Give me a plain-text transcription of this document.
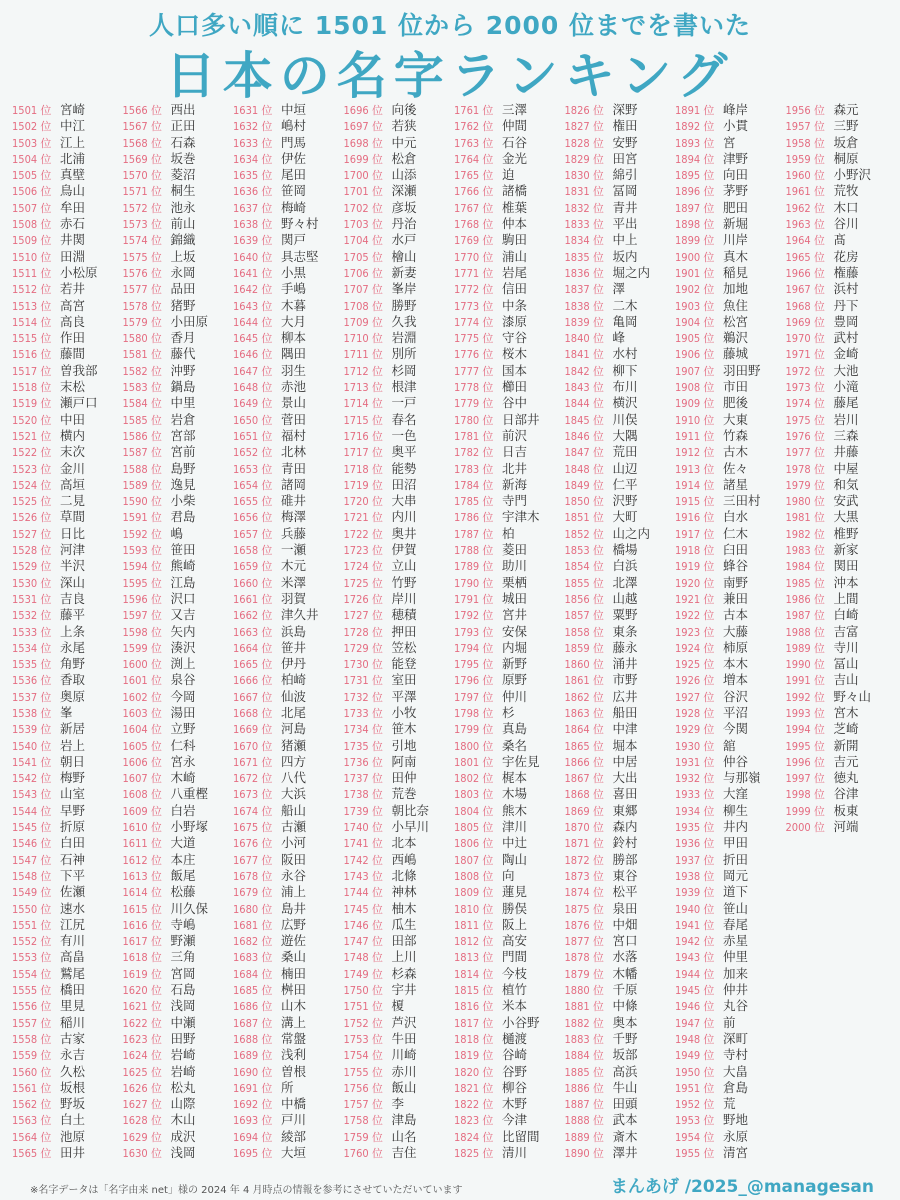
人口多い順に 1501 位から 2000 位までを書いた
日本の名字ランキング
1501 位 宮崎
1502 位 中江
1503 位 江上
1504 位 北浦
1505 位 真壁
1506 位 鳥山
1507 位 牟田
1508 位 赤石
1509 位 井関
1510 位 田淵
1511 位 小松原
1512 位 若井
1513 位 高宮
1514 位 高良
1515 位 作田
1516 位 藤間
1517 位 曽我部
1518 位 末松
1519 位 瀬戸口
1520 位 中田
1521 位 横内
1522 位 末次
1523 位 金川
1524 位 高垣
1525 位 二見
1526 位 草間
1527 位 日比
1528 位 河津
1529 位 半沢
1530 位 深山
1531 位 吉良
1532 位 藤平
1533 位 上条
1534 位 永尾
1535 位 角野
1536 位 香取
1537 位 奥原
1538 位 峯
1539 位 新居
1540 位 岩上
1541 位 朝日
1542 位 梅野
1543 位 山室
1544 位 早野
1545 位 折原
1546 位 白田
1547 位 石神
1548 位 下平
1549 位 佐瀬
1550 位 速水
1551 位 江尻
1552 位 有川
1553 位 高畠
1554 位 鷲尾
1555 位 橋田
1556 位 里見
1557 位 稲川
1558 位 古家
1559 位 永吉
1560 位 久松
1561 位 坂根
1562 位 野坂
1563 位 白土
1564 位 池原
1565 位 田井
1566 位 西出
1567 位 正田
1568 位 石森
1569 位 坂巻
1570 位 菱沼
1571 位 桐生
1572 位 池永
1573 位 前山
1574 位 錦織
1575 位 上坂
1576 位 永岡
1577 位 品田
1578 位 猪野
1579 位 小田原
1580 位 香月
1581 位 藤代
1582 位 沖野
1583 位 鍋島
1584 位 中里
1585 位 岩倉
1586 位 宮部
1587 位 宮前
1588 位 島野
1589 位 逸見
1590 位 小柴
1591 位 君島
1592 位 嶋
1593 位 笹田
1594 位 熊崎
1595 位 江島
1596 位 沢口
1597 位 又吉
1598 位 矢内
1599 位 湊沢
1600 位 渕上
1601 位 泉谷
1602 位 今岡
1603 位 湯田
1604 位 立野
1605 位 仁科
1606 位 宮永
1607 位 木崎
1608 位 八重樫
1609 位 白岩
1610 位 小野塚
1611 位 大道
1612 位 本庄
1613 位 飯尾
1614 位 松藤
1615 位 川久保
1616 位 寺嶋
1617 位 野瀬
1618 位 三角
1619 位 宮岡
1620 位 石島
1621 位 浅岡
1622 位 中瀬
1623 位 田野
1624 位 岩崎
1625 位 岩崎
1626 位 松丸
1627 位 山際
1628 位 木山
1629 位 成沢
1630 位 浅岡
1631 位 中垣
1632 位 嶋村
1633 位 門馬
1634 位 伊佐
1635 位 尾田
1636 位 笹岡
1637 位 梅崎
1638 位 野々村
1639 位 関戸
1640 位 具志堅
1641 位 小黒
1642 位 手嶋
1643 位 木暮
1644 位 大月
1645 位 柳本
1646 位 隅田
1647 位 羽生
1648 位 赤池
1649 位 景山
1650 位 菅田
1651 位 福村
1652 位 北林
1653 位 青田
1654 位 諸岡
1655 位 碓井
1656 位 梅澤
1657 位 兵藤
1658 位 一瀬
1659 位 木元
1660 位 米澤
1661 位 羽賀
1662 位 津久井
1663 位 浜島
1664 位 笹井
1665 位 伊丹
1666 位 柏崎
1667 位 仙波
1668 位 北尾
1669 位 河島
1670 位 猪瀬
1671 位 四方
1672 位 八代
1673 位 大浜
1674 位 船山
1675 位 古瀬
1676 位 小河
1677 位 阪田
1678 位 永谷
1679 位 浦上
1680 位 島井
1681 位 広野
1682 位 遊佐
1683 位 桑山
1684 位 楠田
1685 位 桝田
1686 位 山木
1687 位 溝上
1688 位 常盤
1689 位 浅利
1690 位 曽根
1691 位 所
1692 位 中橋
1693 位 戸川
1694 位 綾部
1695 位 大垣
1696 位 向後
1697 位 若狭
1698 位 中元
1699 位 松倉
1700 位 山添
1701 位 深瀬
1702 位 彦坂
1703 位 丹治
1704 位 水戸
1705 位 檜山
1706 位 新妻
1707 位 峯岸
1708 位 勝野
1709 位 久我
1710 位 岩淵
1711 位 別所
1712 位 杉岡
1713 位 根津
1714 位 一戸
1715 位 春名
1716 位 一色
1717 位 奥平
1718 位 能勢
1719 位 田沼
1720 位 大串
1721 位 内川
1722 位 奥井
1723 位 伊賀
1724 位 立山
1725 位 竹野
1726 位 岸川
1727 位 穂積
1728 位 押田
1729 位 笠松
1730 位 能登
1731 位 室田
1732 位 平澤
1733 位 小牧
1734 位 笹木
1735 位 引地
1736 位 阿南
1737 位 田仲
1738 位 荒巻
1739 位 朝比奈
1740 位 小早川
1741 位 北本
1742 位 西嶋
1743 位 北條
1744 位 神林
1745 位 柚木
1746 位 瓜生
1747 位 田部
1748 位 上川
1749 位 杉森
1750 位 宇井
1751 位 榎
1752 位 芦沢
1753 位 牛田
1754 位 川崎
1755 位 赤川
1756 位 飯山
1757 位 李
1758 位 津島
1759 位 山名
1760 位 吉住
1761 位 三澤
1762 位 仲間
1763 位 石谷
1764 位 金光
1765 位 迫
1766 位 諸橋
1767 位 椎葉
1768 位 仲本
1769 位 駒田
1770 位 浦山
1771 位 岩尾
1772 位 信田
1773 位 中条
1774 位 漆原
1775 位 守谷
1776 位 桜木
1777 位 国本
1778 位 櫛田
1779 位 谷中
1780 位 日部井
1781 位 前沢
1782 位 日吉
1783 位 北井
1784 位 新海
1785 位 寺門
1786 位 宇津木
1787 位 柏
1788 位 菱田
1789 位 助川
1790 位 栗栖
1791 位 城田
1792 位 宮井
1793 位 安保
1794 位 内堀
1795 位 新野
1796 位 原野
1797 位 仲川
1798 位 杉
1799 位 真島
1800 位 桑名
1801 位 宇佐見
1802 位 梶本
1803 位 木場
1804 位 熊木
1805 位 津川
1806 位 中辻
1807 位 陶山
1808 位 向
1809 位 蓮見
1810 位 勝俣
1811 位 阪上
1812 位 高安
1813 位 門間
1814 位 今枝
1815 位 植竹
1816 位 米本
1817 位 小谷野
1818 位 樋渡
1819 位 谷崎
1820 位 谷野
1821 位 柳谷
1822 位 木野
1823 位 今津
1824 位 比留間
1825 位 清川
1826 位 深野
1827 位 権田
1828 位 安野
1829 位 田宮
1830 位 綿引
1831 位 冨岡
1832 位 青井
1833 位 平出
1834 位 中上
1835 位 坂内
1836 位 堀之内
1837 位 澤
1838 位 二木
1839 位 亀岡
1840 位 峰
1841 位 水村
1842 位 柳下
1843 位 布川
1844 位 横沢
1845 位 川俣
1846 位 大隅
1847 位 荒田
1848 位 山辺
1849 位 仁平
1850 位 沢野
1851 位 大町
1852 位 山之内
1853 位 橋場
1854 位 白浜
1855 位 北澤
1856 位 山越
1857 位 粟野
1858 位 東条
1859 位 藤永
1860 位 涌井
1861 位 市野
1862 位 広井
1863 位 船田
1864 位 中津
1865 位 堀本
1866 位 中居
1867 位 大出
1868 位 喜田
1869 位 東郷
1870 位 森内
1871 位 鈴村
1872 位 勝部
1873 位 東谷
1874 位 松平
1875 位 泉田
1876 位 中畑
1877 位 宮口
1878 位 水落
1879 位 木幡
1880 位 千原
1881 位 中條
1882 位 奥本
1883 位 千野
1884 位 坂部
1885 位 高浜
1886 位 牛山
1887 位 田頭
1888 位 武本
1889 位 斎木
1890 位 澤井
1891 位 峰岸
1892 位 小貫
1893 位 宮
1894 位 津野
1895 位 向田
1896 位 茅野
1897 位 肥田
1898 位 新堀
1899 位 川岸
1900 位 真木
1901 位 稲見
1902 位 加地
1903 位 魚住
1904 位 松宮
1905 位 鵜沢
1906 位 藤城
1907 位 羽田野
1908 位 市田
1909 位 肥後
1910 位 大東
1911 位 竹森
1912 位 古木
1913 位 佐々
1914 位 諸星
1915 位 三田村
1916 位 白水
1917 位 仁木
1918 位 臼田
1919 位 蜂谷
1920 位 南野
1921 位 兼田
1922 位 古本
1923 位 大藤
1924 位 柿原
1925 位 本木
1926 位 増本
1927 位 谷沢
1928 位 平沼
1929 位 今関
1930 位 舘
1931 位 仲谷
1932 位 与那嶺
1933 位 大窪
1934 位 柳生
1935 位 井内
1936 位 甲田
1937 位 折田
1938 位 岡元
1939 位 道下
1940 位 笹山
1941 位 春尾
1942 位 赤星
1943 位 仲里
1944 位 加来
1945 位 仲井
1946 位 丸谷
1947 位 前
1948 位 深町
1949 位 寺村
1950 位 大畠
1951 位 倉島
1952 位 荒
1953 位 野地
1954 位 永原
1955 位 清宮
1956 位 森元
1957 位 三野
1958 位 坂倉
1959 位 桐原
1960 位 小野沢
1961 位 荒牧
1962 位 木口
1963 位 谷川
1964 位 髙
1965 位 花房
1966 位 権藤
1967 位 浜村
1968 位 丹下
1969 位 豊岡
1970 位 武村
1971 位 金崎
1972 位 大池
1973 位 小滝
1974 位 藤尾
1975 位 岩川
1976 位 三森
1977 位 井藤
1978 位 中屋
1979 位 和気
1980 位 安武
1981 位 大黒
1982 位 椎野
1983 位 新家
1984 位 関田
1985 位 沖本
1986 位 上間
1987 位 白崎
1988 位 吉富
1989 位 寺川
1990 位 冨山
1991 位 吉山
1992 位 野々山
1993 位 宮木
1994 位 芝崎
1995 位 新開
1996 位 吉元
1997 位 徳丸
1998 位 谷津
1999 位 板東
2000 位 河端
※名字データは「名字由来 net」様の 2024 年 4 月時点の情報を参考にさせていただいています	まんあげ /2025_@managesan
